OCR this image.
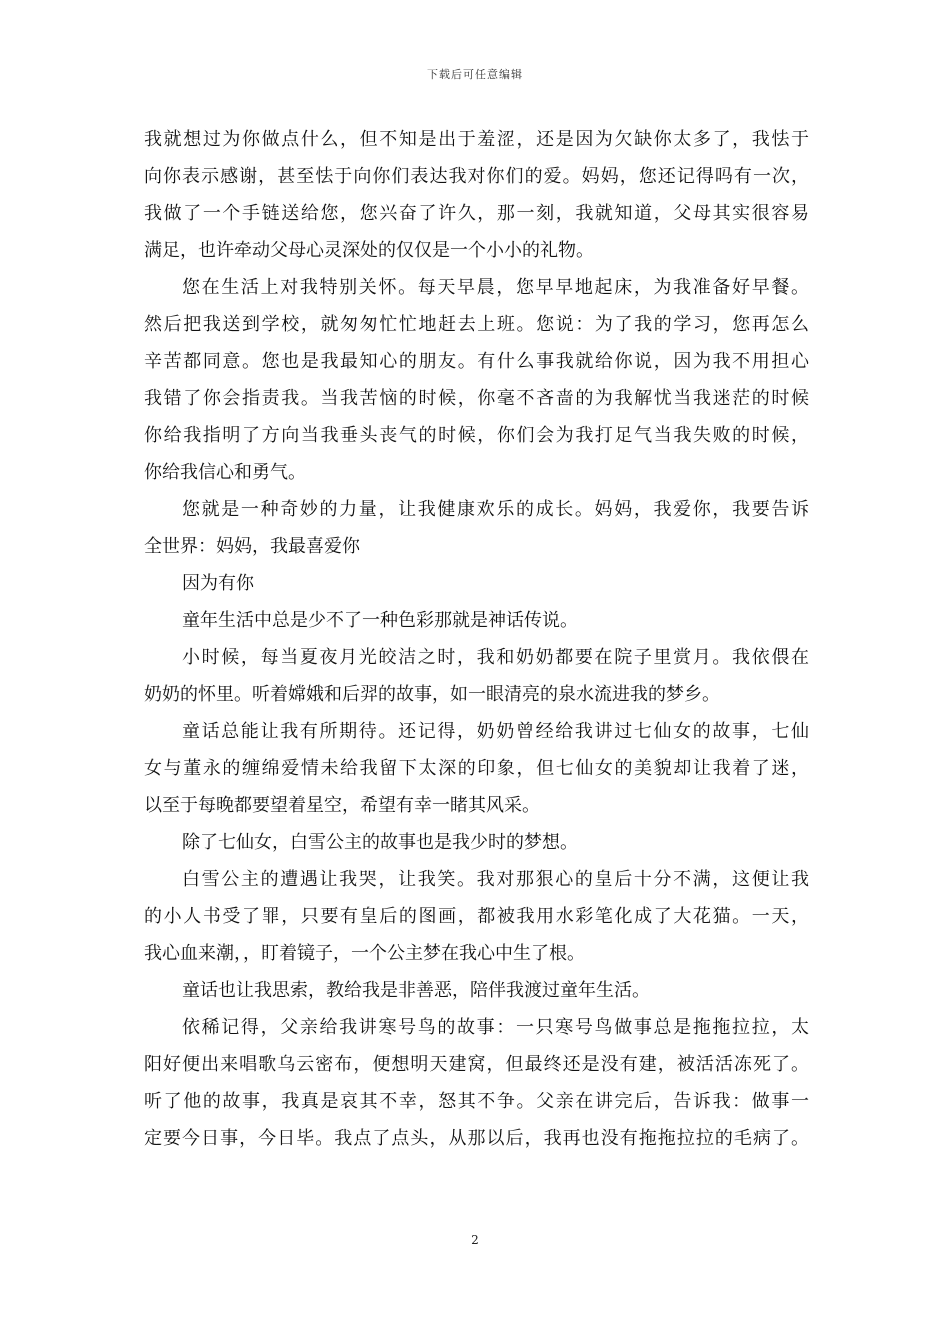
下载后可任意编辑
我就想过为你做点什么，但不知是出于羞涩，还是因为欠缺你太多了，我怯于
向你表示感谢，甚至怯于向你们表达我对你们的爱。妈妈，您还记得吗有一次，
我做了一个手链送给您，您兴奋了许久，那一刻，我就知道，父母其实很容易
满足，也许牵动父母心灵深处的仅仅是一个小小的礼物。
您在生活上对我特别关怀。每天早晨，您早早地起床，为我准备好早餐。
然后把我送到学校，就匆匆忙忙地赶去上班。您说：为了我的学习，您再怎么
辛苦都同意。您也是我最知心的朋友。有什么事我就给你说，因为我不用担心
我错了你会指责我。当我苦恼的时候，你毫不吝啬的为我解忧当我迷茫的时候
你给我指明了方向当我垂头丧气的时候，你们会为我打足气当我失败的时候，
你给我信心和勇气。
您就是一种奇妙的力量，让我健康欢乐的成长。妈妈，我爱你，我要告诉
全世界：妈妈，我最喜爱你
因为有你
童年生活中总是少不了一种色彩那就是神话传说。
小时候，每当夏夜月光皎洁之时，我和奶奶都要在院子里赏月。我依偎在
奶奶的怀里。听着嫦娥和后羿的故事，如一眼清亮的泉水流进我的梦乡。
童话总能让我有所期待。还记得，奶奶曾经给我讲过七仙女的故事，七仙
女与董永的缠绵爱情未给我留下太深的印象，但七仙女的美貌却让我着了迷，
以至于每晚都要望着星空，希望有幸一睹其风采。
除了七仙女，白雪公主的故事也是我少时的梦想。
白雪公主的遭遇让我哭，让我笑。我对那狠心的皇后十分不满，这便让我
的小人书受了罪，只要有皇后的图画，都被我用水彩笔化成了大花猫。一天，
我心血来潮，，盯着镜子，一个公主梦在我心中生了根。
童话也让我思索，教给我是非善恶，陪伴我渡过童年生活。
依稀记得，父亲给我讲寒号鸟的故事：一只寒号鸟做事总是拖拖拉拉，太
阳好便出来唱歌乌云密布，便想明天建窝，但最终还是没有建，被活活冻死了。
听了他的故事，我真是哀其不幸，怒其不争。父亲在讲完后，告诉我：做事一
定要今日事，今日毕。我点了点头，从那以后，我再也没有拖拖拉拉的毛病了。
2
